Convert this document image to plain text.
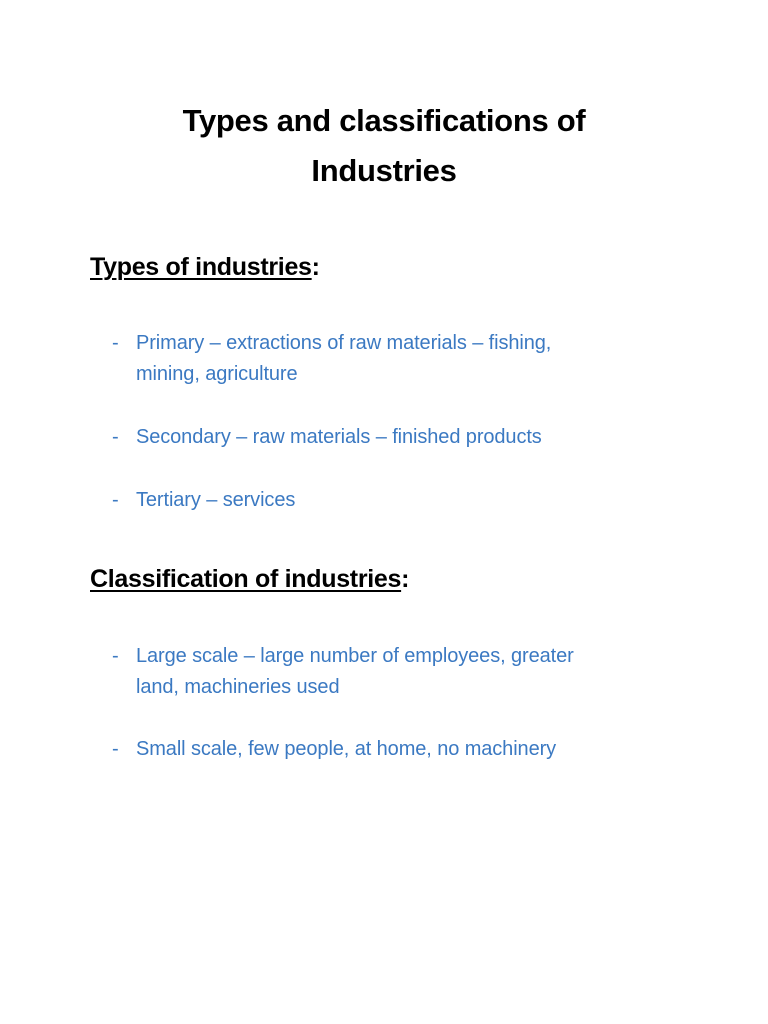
Types and classifications of
Industries
Types of industries:
- Primary – extractions of raw materials – fishing,
mining, agriculture
- Secondary – raw materials – finished products
- Tertiary – services
Classification of industries:
- Large scale – large number of employees, greater
land, machineries used
- Small scale, few people, at home, no machinery
